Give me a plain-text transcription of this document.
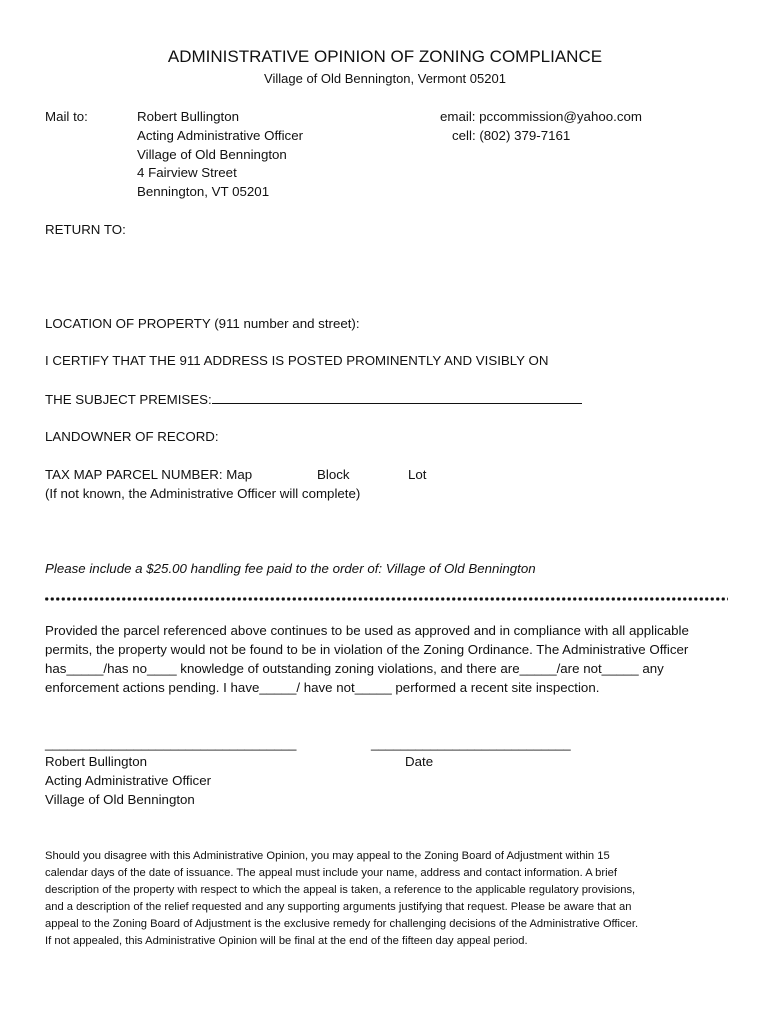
ADMINISTRATIVE OPINION OF ZONING COMPLIANCE
Village of Old Bennington, Vermont 05201
Mail to:	Robert Bullington
Acting Administrative Officer
Village of Old Bennington
4 Fairview Street
Bennington, VT 05201
email: pccommission@yahoo.com
cell: (802) 379-7161
RETURN TO:
LOCATION OF PROPERTY (911 number and street):
I CERTIFY THAT THE 911 ADDRESS IS POSTED PROMINENTLY AND VISIBLY ON
THE SUBJECT PREMISES:
LANDOWNER OF RECORD:
TAX MAP PARCEL NUMBER: Map	Block	Lot
(If not known, the Administrative Officer will complete)
Please include a $25.00 handling fee paid to the order of: Village of Old Bennington
Provided the parcel referenced above continues to be used as approved and in compliance with all applicable
permits, the property would not be found to be in violation of the Zoning Ordinance. The Administrative Officer
has_____/has no____ knowledge of outstanding zoning violations, and there are_____/are not_____ any
enforcement actions pending. I have_____/ have not_____ performed a recent site inspection.
__________________________________	___________________________
Robert Bullington	Date
Acting Administrative Officer
Village of Old Bennington
Should you disagree with this Administrative Opinion, you may appeal to the Zoning Board of Adjustment within 15
calendar days of the date of issuance. The appeal must include your name, address and contact information. A brief
description of the property with respect to which the appeal is taken, a reference to the applicable regulatory provisions,
and a description of the relief requested and any supporting arguments justifying that request. Please be aware that an
appeal to the Zoning Board of Adjustment is the exclusive remedy for challenging decisions of the Administrative Officer.
If not appealed, this Administrative Opinion will be final at the end of the fifteen day appeal period.
